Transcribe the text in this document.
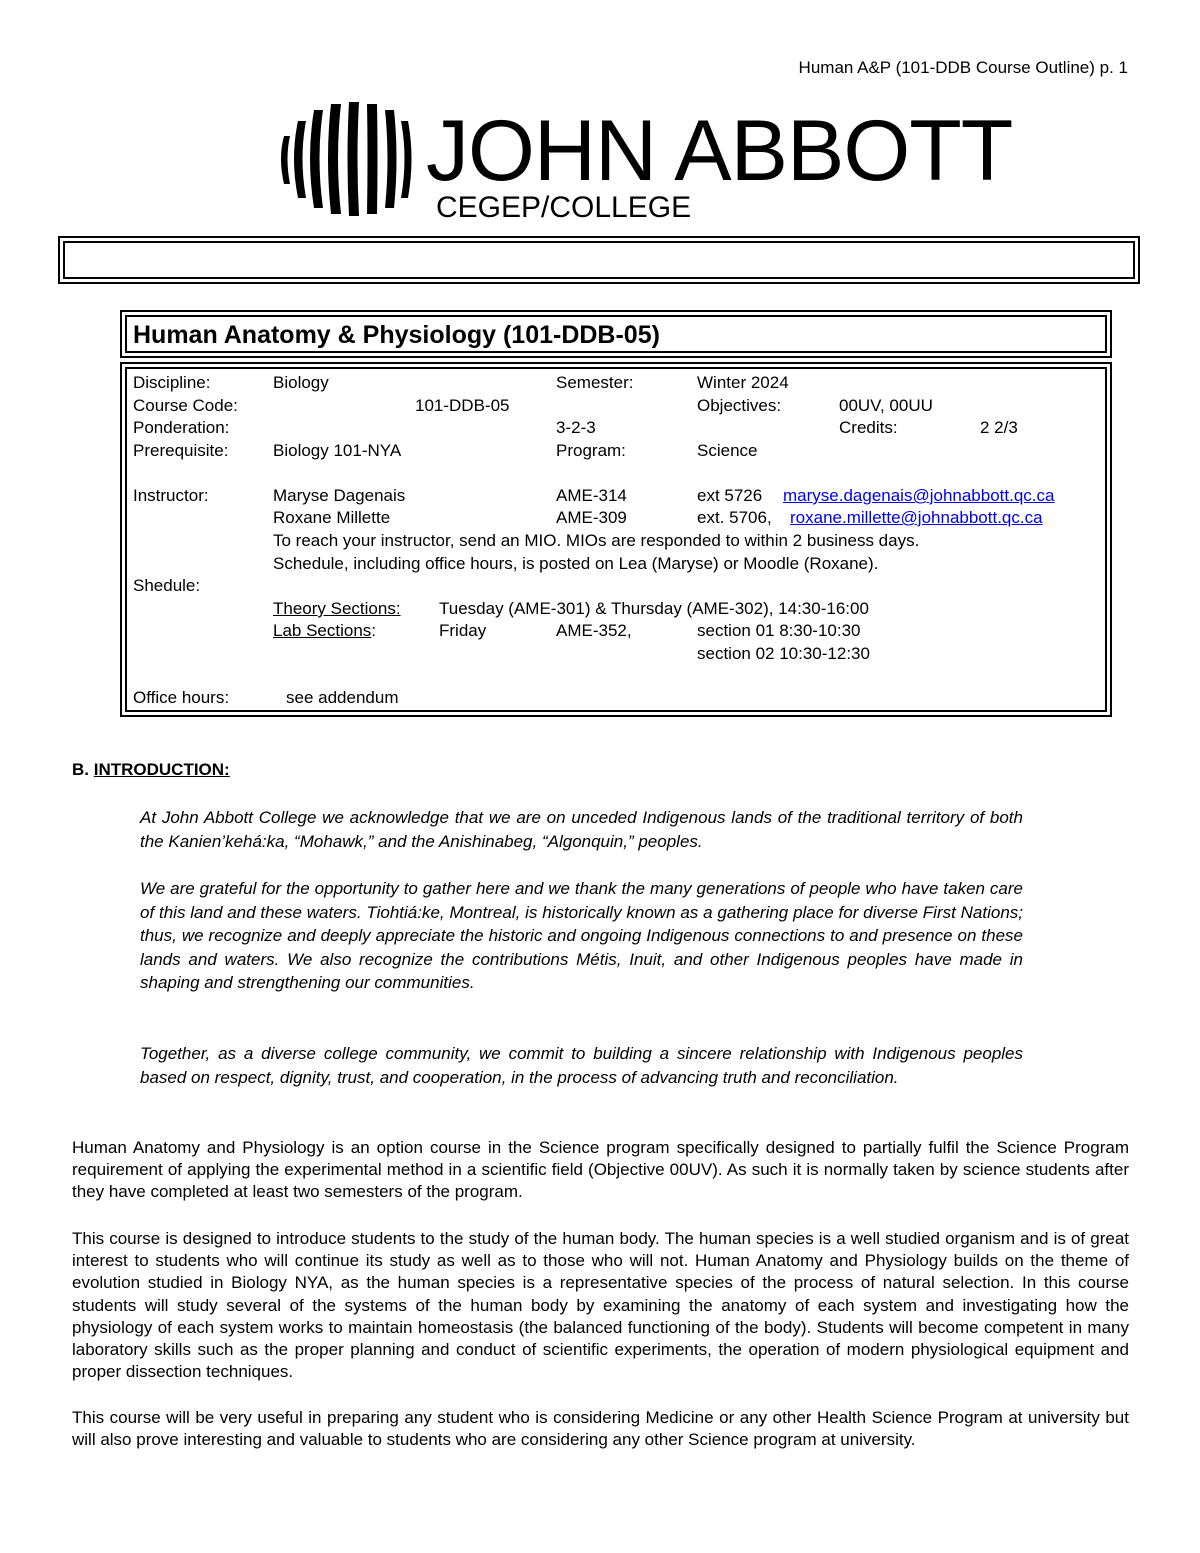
Human A&P (101-DDB Course Outline) p. 1
JOHN ABBOTT
CEGEP/COLLEGE
Human Anatomy & Physiology (101-DDB-05)
Discipline:	Biology	Semester:	Winter 2024
Course Code:	101-DDB-05	Objectives:	00UV, 00UU
Ponderation:	3-2-3	Credits:	2 2/3
Prerequisite:	Biology 101-NYA	Program:	Science
Instructor:	Maryse Dagenais	AME-314	ext 5726 maryse.dagenais@johnabbott.qc.ca
Roxane Millette	AME-309	ext. 5706, roxane.millette@johnabbott.qc.ca
To reach your instructor, send an MIO. MIOs are responded to within 2 business days.
Schedule, including office hours, is posted on Lea (Maryse) or Moodle (Roxane).
Shedule:
Theory Sections: Tuesday (AME-301) & Thursday (AME-302), 14:30-16:00
Lab Sections:	Friday	AME-352,	section 01 8:30-10:30
section 02 10:30-12:30
Office hours:	see addendum
B. INTRODUCTION:

At John Abbott College we acknowledge that we are on unceded Indigenous lands of the traditional territory of both the Kanien’kehá:ka, “Mohawk,” and the Anishinabeg, “Algonquin,” peoples.

We are grateful for the opportunity to gather here and we thank the many generations of people who have taken care of this land and these waters. Tiohtiá:ke, Montreal, is historically known as a gathering place for diverse First Nations; thus, we recognize and deeply appreciate the historic and ongoing Indigenous connections to and presence on these lands and waters. We also recognize the contributions Métis, Inuit, and other Indigenous peoples have made in shaping and strengthening our communities.

Together, as a diverse college community, we commit to building a sincere relationship with Indigenous peoples based on respect, dignity, trust, and cooperation, in the process of advancing truth and reconciliation.

Human Anatomy and Physiology is an option course in the Science program specifically designed to partially fulfil the Science Program requirement of applying the experimental method in a scientific field (Objective 00UV). As such it is normally taken by science students after they have completed at least two semesters of the program.

This course is designed to introduce students to the study of the human body. The human species is a well studied organism and is of great interest to students who will continue its study as well as to those who will not. Human Anatomy and Physiology builds on the theme of evolution studied in Biology NYA, as the human species is a representative species of the process of natural selection. In this course students will study several of the systems of the human body by examining the anatomy of each system and investigating how the physiology of each system works to maintain homeostasis (the balanced functioning of the body). Students will become competent in many laboratory skills such as the proper planning and conduct of scientific experiments, the operation of modern physiological equipment and proper dissection techniques.

This course will be very useful in preparing any student who is considering Medicine or any other Health Science Program at university but will also prove interesting and valuable to students who are considering any other Science program at university.
